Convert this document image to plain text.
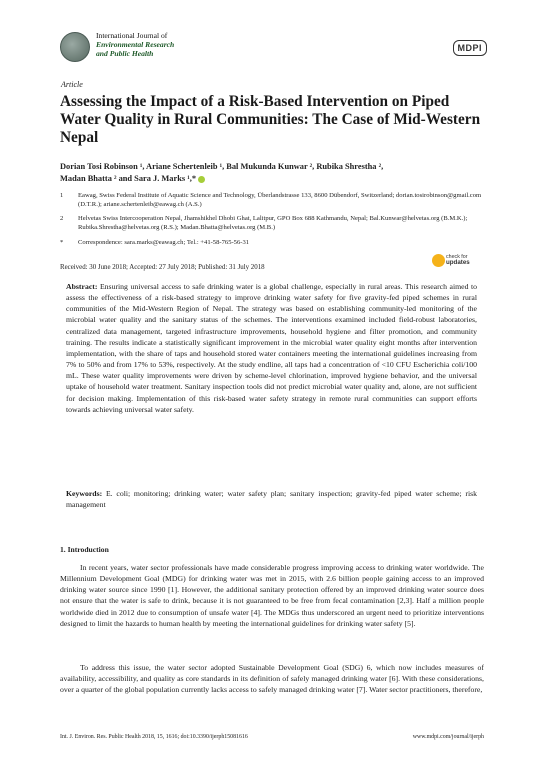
International Journal of
Environmental Research
and Public Health
MDPI
Article
Assessing the Impact of a Risk-Based Intervention on Piped Water Quality in Rural Communities: The Case of Mid-Western Nepal
Dorian Tosi Robinson ¹, Ariane Schertenleib ¹, Bal Mukunda Kunwar ², Rubika Shrestha ²,
Madan Bhatta ² and Sara J. Marks ¹,*
1 Eawag, Swiss Federal Institute of Aquatic Science and Technology, Überlandstrasse 133, 8600 Dübendorf, Switzerland; dorian.tosirobinson@gmail.com (D.T.R.); ariane.schertenleib@eawag.ch (A.S.)
2 Helvetas Swiss Intercooperation Nepal, Jhamshikhel Dhobi Ghat, Lalitpur, GPO Box 688 Kathmandu, Nepal; Bal.Kunwar@helvetas.org (B.M.K.); Rubika.Shrestha@helvetas.org (R.S.); Madan.Bhatta@helvetas.org (M.B.)
* Correspondence: sara.marks@eawag.ch; Tel.: +41-58-765-56-31
Received: 30 June 2018; Accepted: 27 July 2018; Published: 31 July 2018
check for
updates
Abstract: Ensuring universal access to safe drinking water is a global challenge, especially in rural areas. This research aimed to assess the effectiveness of a risk-based strategy to improve drinking water safety for five gravity-fed piped schemes in rural communities of the Mid-Western Region of Nepal. The strategy was based on establishing community-led monitoring of the microbial water quality and the sanitary status of the schemes. The interventions examined included field-robust laboratories, centralized data management, targeted infrastructure improvements, household hygiene and filter promotion, and community training. The results indicate a statistically significant improvement in the microbial water quality eight months after intervention implementation, with the share of taps and household stored water containers meeting the international guidelines increasing from 7% to 50% and from 17% to 53%, respectively. At the study endline, all taps had a concentration of <10 CFU Escherichia coli/100 mL. These water quality improvements were driven by scheme-level chlorination, improved hygiene behavior, and the universal uptake of household water treatment. Sanitary inspection tools did not predict microbial water quality and, alone, are not sufficient for decision making. Implementation of this risk-based water safety strategy in remote rural communities can support efforts towards achieving universal water safety.
Keywords: E. coli; monitoring; drinking water; water safety plan; sanitary inspection; gravity-fed piped water scheme; risk management
1. Introduction
In recent years, water sector professionals have made considerable progress improving access to drinking water worldwide. The Millennium Development Goal (MDG) for drinking water was met in 2015, with 2.6 billion people gaining access to an improved drinking water source since 1990 [1]. However, the additional sanitary protection offered by an improved drinking water source does not ensure that the water is safe to drink, because it is not guaranteed to be free from fecal contamination [2,3]. Half a million people worldwide died in 2012 due to consumption of unsafe water [4]. The MDGs thus underscored an urgent need to prioritize interventions designed to limit the hazards to human health by meeting the international guidelines for drinking water safety [5].
To address this issue, the water sector adopted Sustainable Development Goal (SDG) 6, which now includes measures of availability, accessibility, and quality as core standards in its definition of safely managed drinking water [6]. With these considerations, over a quarter of the global population currently lacks access to safely managed drinking water [7]. Water sector practitioners, therefore,
Int. J. Environ. Res. Public Health 2018, 15, 1616; doi:10.3390/ijerph15081616	www.mdpi.com/journal/ijerph
